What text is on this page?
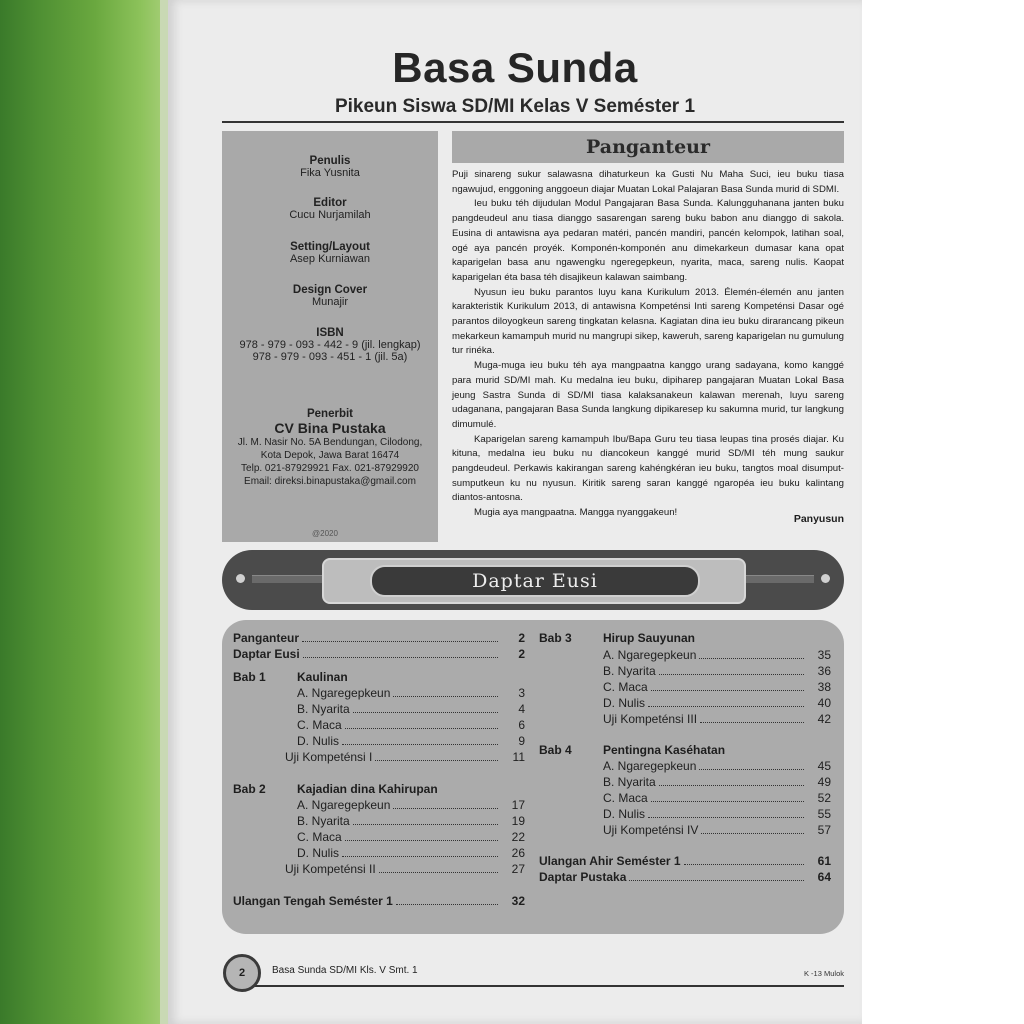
Basa Sunda
Pikeun Siswa SD/MI Kelas V Seméster 1
Penulis
Fika Yusnita
Editor
Cucu Nurjamilah
Setting/Layout
Asep Kurniawan
Design Cover
Munajir
ISBN
978 - 979 - 093 - 442 - 9 (jil. lengkap)
978 - 979 - 093 - 451 - 1 (jil. 5a)
Penerbit
CV Bina Pustaka
Jl. M. Nasir No. 5A Bendungan, Cilodong,
Kota Depok, Jawa Barat 16474
Telp. 021-87929921 Fax. 021-87929920
Email: direksi.binapustaka@gmail.com
@2020
Panganteur

Puji sinareng sukur salawasna dihaturkeun ka Gusti Nu Maha Suci, ieu buku tiasa ngawujud, enggoning anggoeun diajar Muatan Lokal Palajaran Basa Sunda murid di SDMI.

Ieu buku téh dijudulan Modul Pangajaran Basa Sunda. Kalungguhanana janten buku pangdeudeul anu tiasa dianggo sasarengan sareng buku babon anu dianggo di sakola. Eusina di antawisna aya pedaran matéri, pancén mandiri, pancén kelompok, latihan soal, ogé aya pancén proyék. Komponén-komponén anu dimekarkeun dumasar kana opat kaparigelan basa anu ngawengku ngeregepkeun, nyarita, maca, sareng nulis. Kaopat kaparigelan éta basa téh disajikeun kalawan saimbang.

Nyusun ieu buku parantos luyu kana Kurikulum 2013. Élemén-élemén anu janten karakteristik Kurikulum 2013, di antawisna Kompeténsi Inti sareng Kompeténsi Dasar ogé parantos diloyogkeun sareng tingkatan kelasna. Kagiatan dina ieu buku dirarancang pikeun mekarkeun kamampuh murid nu mangrupi sikep, kaweruh, sareng kaparigelan nu gumulung tur rinéka.

Muga-muga ieu buku téh aya mangpaatna kanggo urang sadayana, komo kanggé para murid SD/MI mah. Ku medalna ieu buku, dipiharep pangajaran Muatan Lokal Basa jeung Sastra Sunda di SD/MI tiasa kalaksanakeun kalawan merenah, luyu sareng udaganana, pangajaran Basa Sunda langkung dipikaresep ku sakumna murid, tur langkung dimumulé.

Kaparigelan sareng kamampuh Ibu/Bapa Guru teu tiasa leupas tina prosés diajar. Ku kituna, medalna ieu buku nu diancokeun kanggé murid SD/MI téh mung saukur pangdeudeul. Perkawis kakirangan sareng kahéngkéran ieu buku, tangtos moal disumput-sumputkeun ku nu nyusun. Kiritik sareng saran kanggé ngaropéa ieu buku kalintang diantos-antosna.

Mugia aya mangpaatna. Mangga nyanggakeun!

Panyusun
Daptar Eusi
Panganteur	2
Daptar Eusi	2
Bab 1	Kaulinan
A. Ngaregepkeun	3
B. Nyarita	4
C. Maca	6
D. Nulis	9
Uji Kompeténsi I	11
Bab 2	Kajadian dina Kahirupan
A. Ngaregepkeun	17
B. Nyarita	19
C. Maca	22
D. Nulis	26
Uji Kompeténsi II	27
Ulangan Tengah Seméster 1	32
Bab 3	Hirup Sauyunan
A. Ngaregepkeun	35
B. Nyarita	36
C. Maca	38
D. Nulis	40
Uji Kompeténsi III	42
Bab 4	Pentingna Kaséhatan
A. Ngaregepkeun	45
B. Nyarita	49
C. Maca	52
D. Nulis	55
Uji Kompeténsi IV	57
Ulangan Ahir Seméster 1	61
Daptar Pustaka	64
2	Basa Sunda SD/MI Kls. V Smt. 1	K -13 Mulok
